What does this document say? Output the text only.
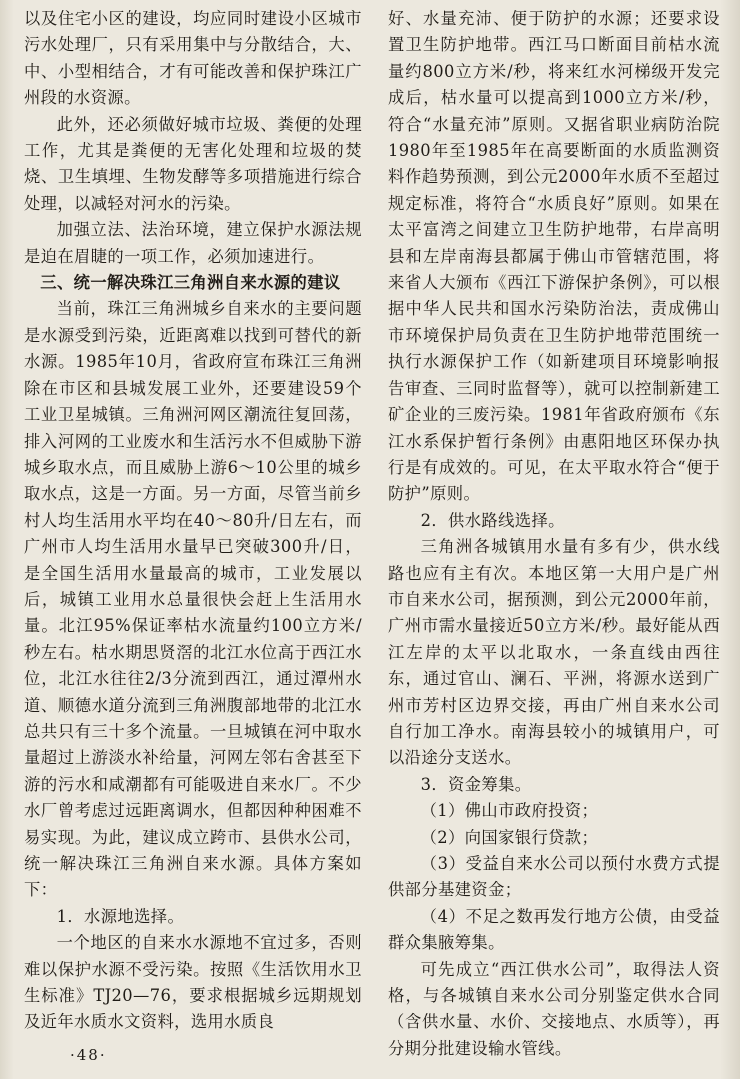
以及住宅小区的建设，均应同时建设小区城市污水处理厂，只有采用集中与分散结合，大、中、小型相结合，才有可能改善和保护珠江广州段的水资源。

此外，还必须做好城市垃圾、粪便的处理工作，尤其是粪便的无害化处理和垃圾的焚烧、卫生填埋、生物发酵等多项措施进行综合处理，以减轻对河水的污染。

加强立法、法治环境，建立保护水源法规是迫在眉睫的一项工作，必须加速进行。

三、统一解决珠江三角洲自来水源的建议

当前，珠江三角洲城乡自来水的主要问题是水源受到污染，近距离难以找到可替代的新水源。1985年10月，省政府宣布珠江三角洲除在市区和县城发展工业外，还要建设59个工业卫星城镇。三角洲河网区潮流往复回荡，排入河网的工业废水和生活污水不但威胁下游城乡取水点，而且威胁上游6～10公里的城乡取水点，这是一方面。另一方面，尽管当前乡村人均生活用水平均在40～80升/日左右，而广州市人均生活用水量早已突破300升/日，是全国生活用水量最高的城市，工业发展以后，城镇工业用水总量很快会赶上生活用水量。北江95%保证率枯水流量约100立方米/秒左右。枯水期思贤滘的北江水位高于西江水位，北江水往往2/3分流到西江，通过潭州水道、顺德水道分流到三角洲腹部地带的北江水总共只有三十多个流量。一旦城镇在河中取水量超过上游淡水补给量，河网左邻右舍甚至下游的污水和咸潮都有可能吸进自来水厂。不少水厂曾考虑过远距离调水，但都因种种困难不易实现。为此，建议成立跨市、县供水公司，统一解决珠江三角洲自来水源。具体方案如下：

1．水源地选择。

一个地区的自来水水源地不宜过多，否则难以保护水源不受污染。按照《生活饮用水卫生标准》TJ20—76，要求根据城乡远期规划及近年水质水文资料，选用水质良

好、水量充沛、便于防护的水源；还要求设置卫生防护地带。西江马口断面目前枯水流量约800立方米/秒，将来红水河梯级开发完成后，枯水量可以提高到1000立方米/秒，符合“水量充沛”原则。又据省职业病防治院1980年至1985年在高要断面的水质监测资料作趋势预测，到公元2000年水质不至超过规定标准，将符合“水质良好”原则。如果在太平富湾之间建立卫生防护地带，右岸高明县和左岸南海县都属于佛山市管辖范围，将来省人大颁布《西江下游保护条例》，可以根据中华人民共和国水污染防治法，责成佛山市环境保护局负责在卫生防护地带范围统一执行水源保护工作（如新建项目环境影响报告审查、三同时监督等），就可以控制新建工矿企业的三废污染。1981年省政府颁布《东江水系保护暂行条例》由惠阳地区环保办执行是有成效的。可见，在太平取水符合“便于防护”原则。

2．供水路线选择。

三角洲各城镇用水量有多有少，供水线路也应有主有次。本地区第一大用户是广州市自来水公司，据预测，到公元2000年前，广州市需水量接近50立方米/秒。最好能从西江左岸的太平以北取水，一条直线由西往东，通过官山、澜石、平洲，将源水送到广州市芳村区边界交接，再由广州自来水公司自行加工净水。南海县较小的城镇用户，可以沿途分支送水。

3．资金筹集。

（1）佛山市政府投资；

（2）向国家银行贷款；

（3）受益自来水公司以预付水费方式提供部分基建资金；

（4）不足之数再发行地方公债，由受益群众集腋筹集。

可先成立“西江供水公司”，取得法人资格，与各城镇自来水公司分别鉴定供水合同（含供水量、水价、交接地点、水质等），再分期分批建设输水管线。

·48·
